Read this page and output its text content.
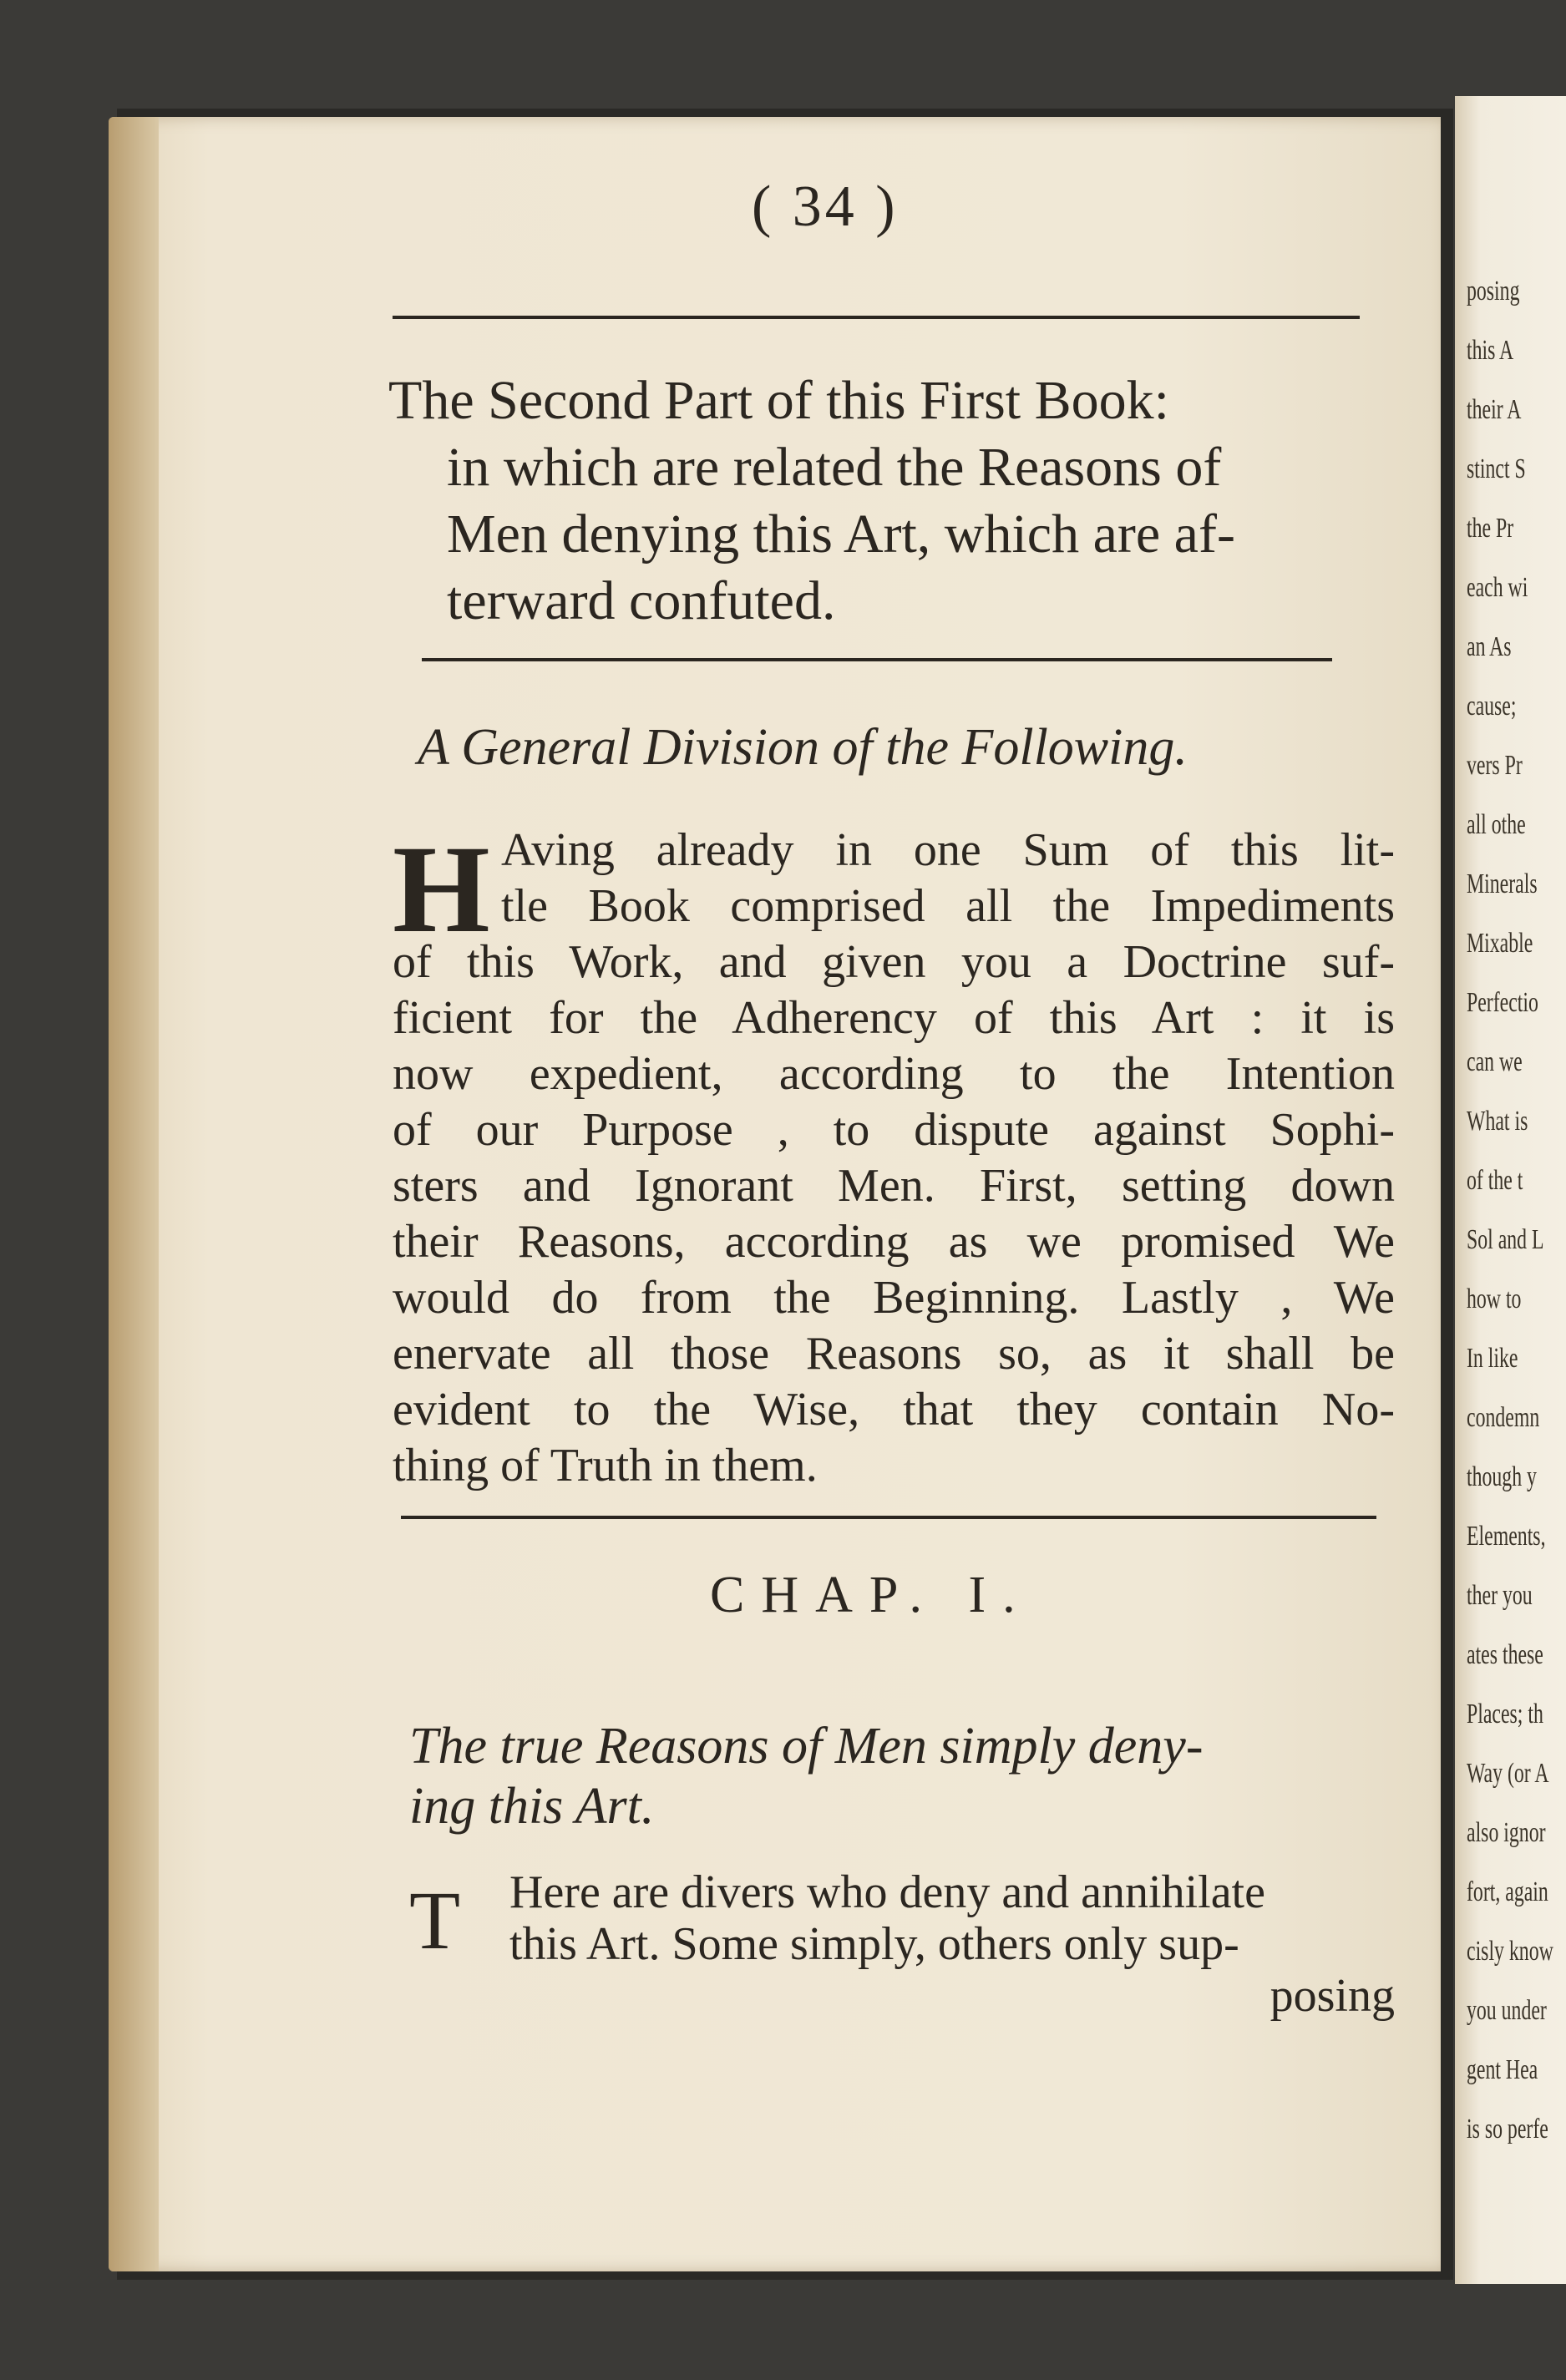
posing
this A
their A
stinct S
the Pr
each wi
an As
cause;
vers Pr
all othe
Minerals
Mixable
Perfectio
can we
What is
of the t
Sol and L
how to
In like
condemn
though y
Elements,
ther you
ates these
Places; th
Way (or A
also ignor
fort, again
cisly know
you under
gent Hea
is so perfe
( 34 )
The Second Part of this First Book:
in which are related the Reasons of
Men denying this Art, which are af-
terward confuted.
A General Division of the Following.
H Aving already in one Sum of this lit-
tle Book comprised all the Impediments
of this Work, and given you a Doctrine suf-
ficient for the Adherency of this Art : it is
now expedient, according to the Intention
of our Purpose , to dispute against Sophi-
sters and Ignorant Men. First, setting down
their Reasons, according as we promised We
would do from the Beginning. Lastly , We
enervate all those Reasons so, as it shall be
evident to the Wise, that they contain No-
thing of Truth in them.
CHAP. I.
The true Reasons of Men simply deny-
ing this Art.
T	Here are divers who deny and annihilate
this Art. Some simply, others only sup-
posing
